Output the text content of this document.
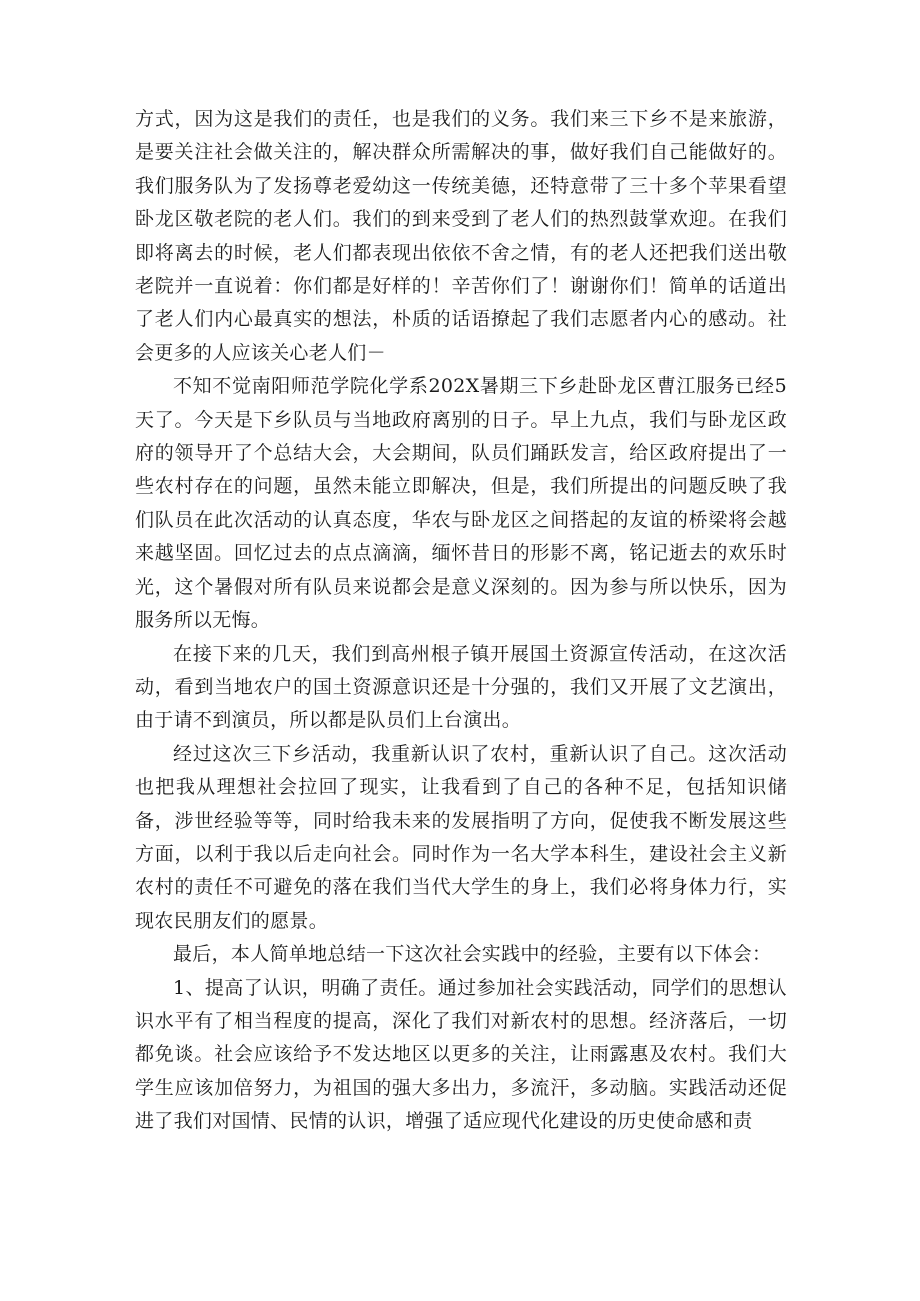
方式，因为这是我们的责任，也是我们的义务。我们来三下乡不是来旅游，是要关注社会做关注的，解决群众所需解决的事，做好我们自己能做好的。我们服务队为了发扬尊老爱幼这一传统美德，还特意带了三十多个苹果看望卧龙区敬老院的老人们。我们的到来受到了老人们的热烈鼓掌欢迎。在我们即将离去的时候，老人们都表现出依依不舍之情，有的老人还把我们送出敬老院并一直说着：你们都是好样的！辛苦你们了！谢谢你们！简单的话道出了老人们内心最真实的想法，朴质的话语撩起了我们志愿者内心的感动。社会更多的人应该关心老人们－

不知不觉南阳师范学院化学系202X暑期三下乡赴卧龙区曹江服务已经5天了。今天是下乡队员与当地政府离别的日子。早上九点，我们与卧龙区政府的领导开了个总结大会，大会期间，队员们踊跃发言，给区政府提出了一些农村存在的问题，虽然未能立即解决，但是，我们所提出的问题反映了我们队员在此次活动的认真态度，华农与卧龙区之间搭起的友谊的桥梁将会越来越坚固。回忆过去的点点滴滴，缅怀昔日的形影不离，铭记逝去的欢乐时光，这个暑假对所有队员来说都会是意义深刻的。因为参与所以快乐，因为服务所以无悔。

在接下来的几天，我们到高州根子镇开展国土资源宣传活动，在这次活动，看到当地农户的国土资源意识还是十分强的，我们又开展了文艺演出，由于请不到演员，所以都是队员们上台演出。

经过这次三下乡活动，我重新认识了农村，重新认识了自己。这次活动也把我从理想社会拉回了现实，让我看到了自己的各种不足，包括知识储备，涉世经验等等，同时给我未来的发展指明了方向，促使我不断发展这些方面，以利于我以后走向社会。同时作为一名大学本科生，建设社会主义新农村的责任不可避免的落在我们当代大学生的身上，我们必将身体力行，实现农民朋友们的愿景。

最后，本人简单地总结一下这次社会实践中的经验，主要有以下体会：

1、提高了认识，明确了责任。通过参加社会实践活动，同学们的思想认识水平有了相当程度的提高，深化了我们对新农村的思想。经济落后，一切都免谈。社会应该给予不发达地区以更多的关注，让雨露惠及农村。我们大学生应该加倍努力，为祖国的强大多出力，多流汗，多动脑。实践活动还促进了我们对国情、民情的认识，增强了适应现代化建设的历史使命感和责
